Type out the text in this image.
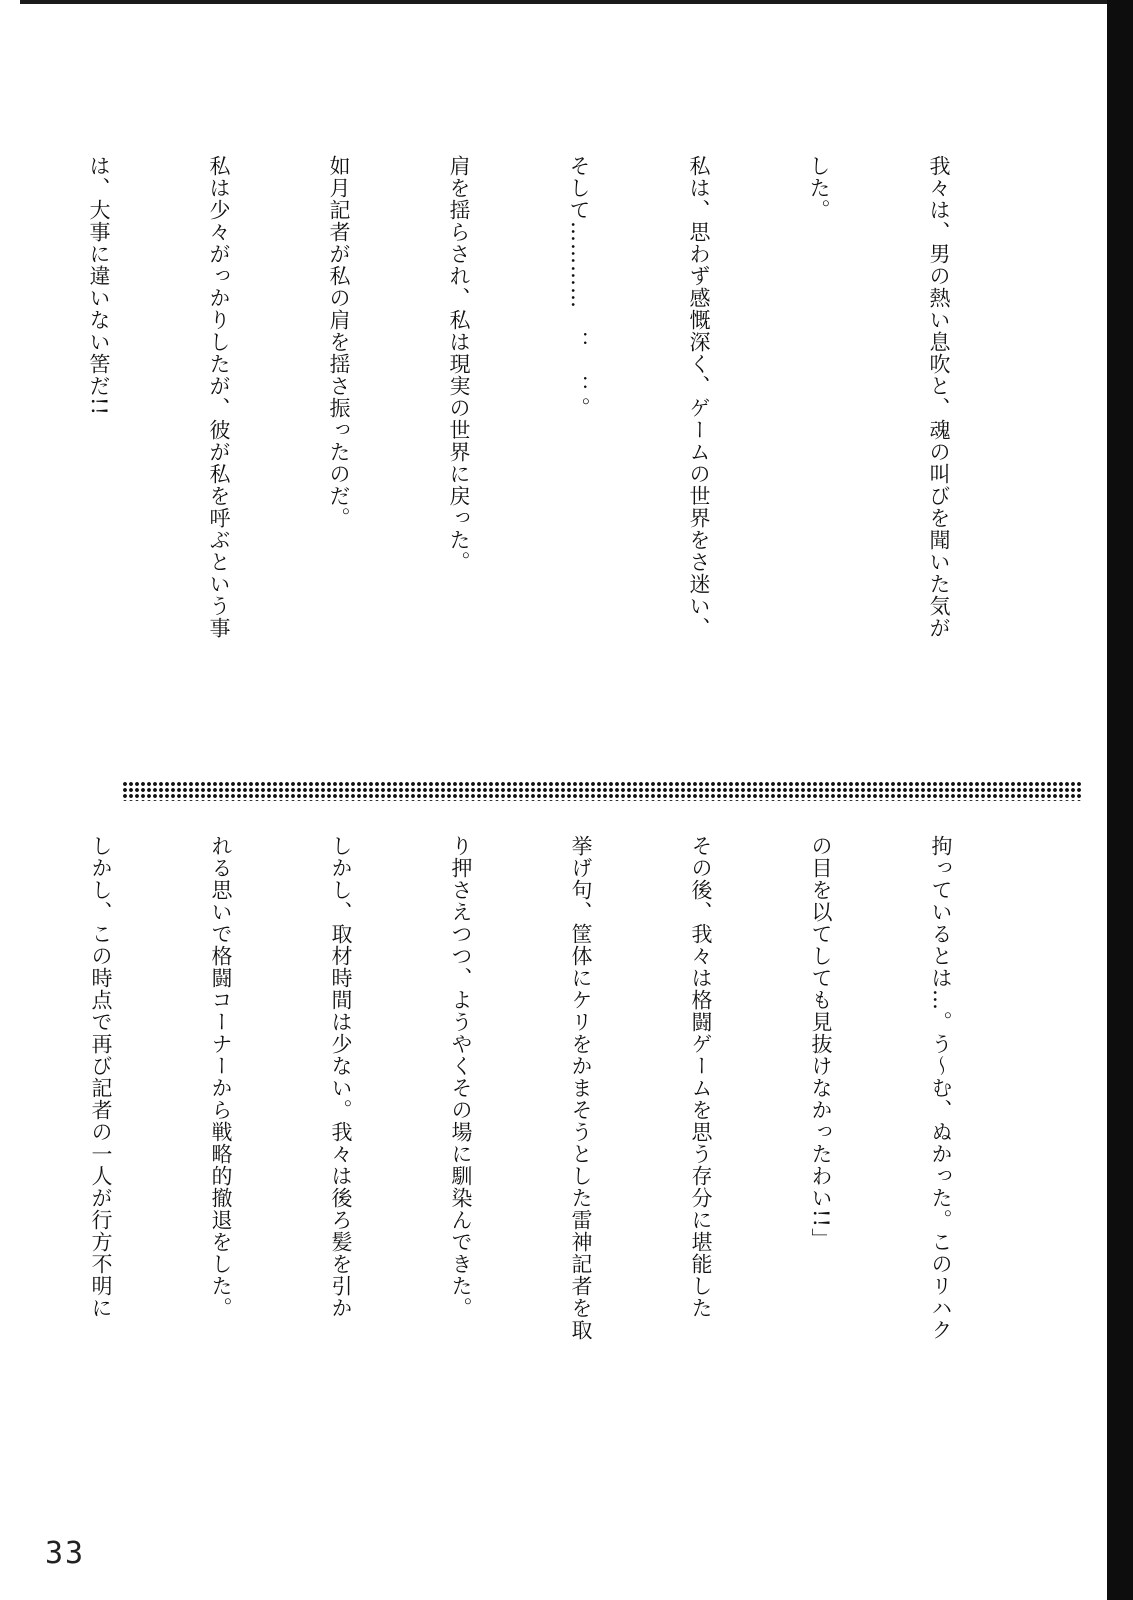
我々は、男の熱い息吹と、魂の叫びを聞いた気が

した。

私は、思わず感慨深く、ゲームの世界をさ迷い、

そして…………　：　：。

肩を揺らされ、私は現実の世界に戻った。

如月記者が私の肩を揺さ振ったのだ。

私は少々がっかりしたが、彼が私を呼ぶという事

は、大事に違いない筈だ!!

拘っているとは…。う〜む、ぬかった。このリハク

の目を以てしても見抜けなかったわい!!」

その後、我々は格闘ゲームを思う存分に堪能した

挙げ句、筐体にケリをかまそうとした雷神記者を取

り押さえつつ、ようやくその場に馴染んできた。

しかし、取材時間は少ない。我々は後ろ髪を引か

れる思いで格闘コーナーから戦略的撤退をした。

しかし、この時点で再び記者の一人が行方不明に

33
